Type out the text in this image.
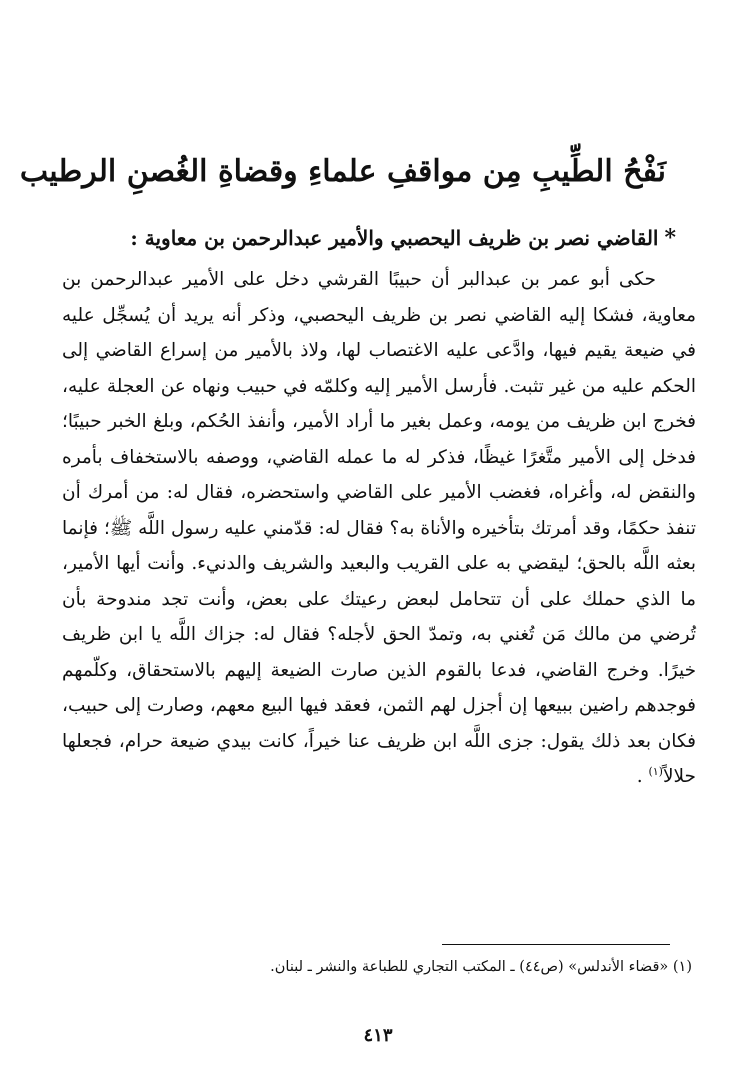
نَفْحُ الطِّيبِ مِن مواقفِ علماءِ وقضاةِ الغُصنِ الرطيب
*القاضي نصر بن ظريف اليحصبي والأمير عبدالرحمن بن معاوية :
حكى أبو عمر بن عبدالبر أن حبيبًا القرشي دخل على الأمير عبدالرحمن بن معاوية، فشكا إليه القاضي نصر بن ظريف اليحصبي، وذكر أنه يريد أن يُسجِّل عليه في ضيعة يقيم فيها، وادَّعى عليه الاغتصاب لها، ولاذ بالأمير من إسراع القاضي إلى الحكم عليه من غير تثبت. فأرسل الأمير إليه وكلمّه في حبيب ونهاه عن العجلة عليه، فخرج ابن ظريف من يومه، وعمل بغير ما أراد الأمير، وأنفذ الحُكم، وبلغ الخبر حبيبًا؛ فدخل إلى الأمير متَّغرًا غيظًا، فذكر له ما عمله القاضي، ووصفه بالاستخفاف بأمره والنقض له، وأغراه، فغضب الأمير على القاضي واستحضره، فقال له: من أمرك أن تنفذ حكمًا، وقد أمرتك بتأخيره والأناة به؟ فقال له: قدّمني عليه رسول اللَّه ﷺ؛ فإنما بعثه اللَّه بالحق؛ ليقضي به على القريب والبعيد والشريف والدنيء. وأنت أيها الأمير، ما الذي حملك على أن تتحامل لبعض رعيتك على بعض، وأنت تجد مندوحة بأن تُرضي من مالك مَن تُغني به، وتمدّ الحق لأجله؟ فقال له: جزاك اللَّه يا ابن ظريف خيرًا. وخرج القاضي، فدعا بالقوم الذين صارت الضيعة إليهم بالاستحقاق، وكلّمهم فوجدهم راضين ببيعها إن أجزل لهم الثمن، فعقد فيها البيع معهم، وصارت إلى حبيب، فكان بعد ذلك يقول: جزى اللَّه ابن ظريف عنا خيراً، كانت بيدي ضيعة حرام، فجعلها حلالاً$^{(١)}$ .
(١) «قضاء الأندلس» (ص٤٤) ـ المكتب التجاري للطباعة والنشر ـ لبنان.
٤١٣
